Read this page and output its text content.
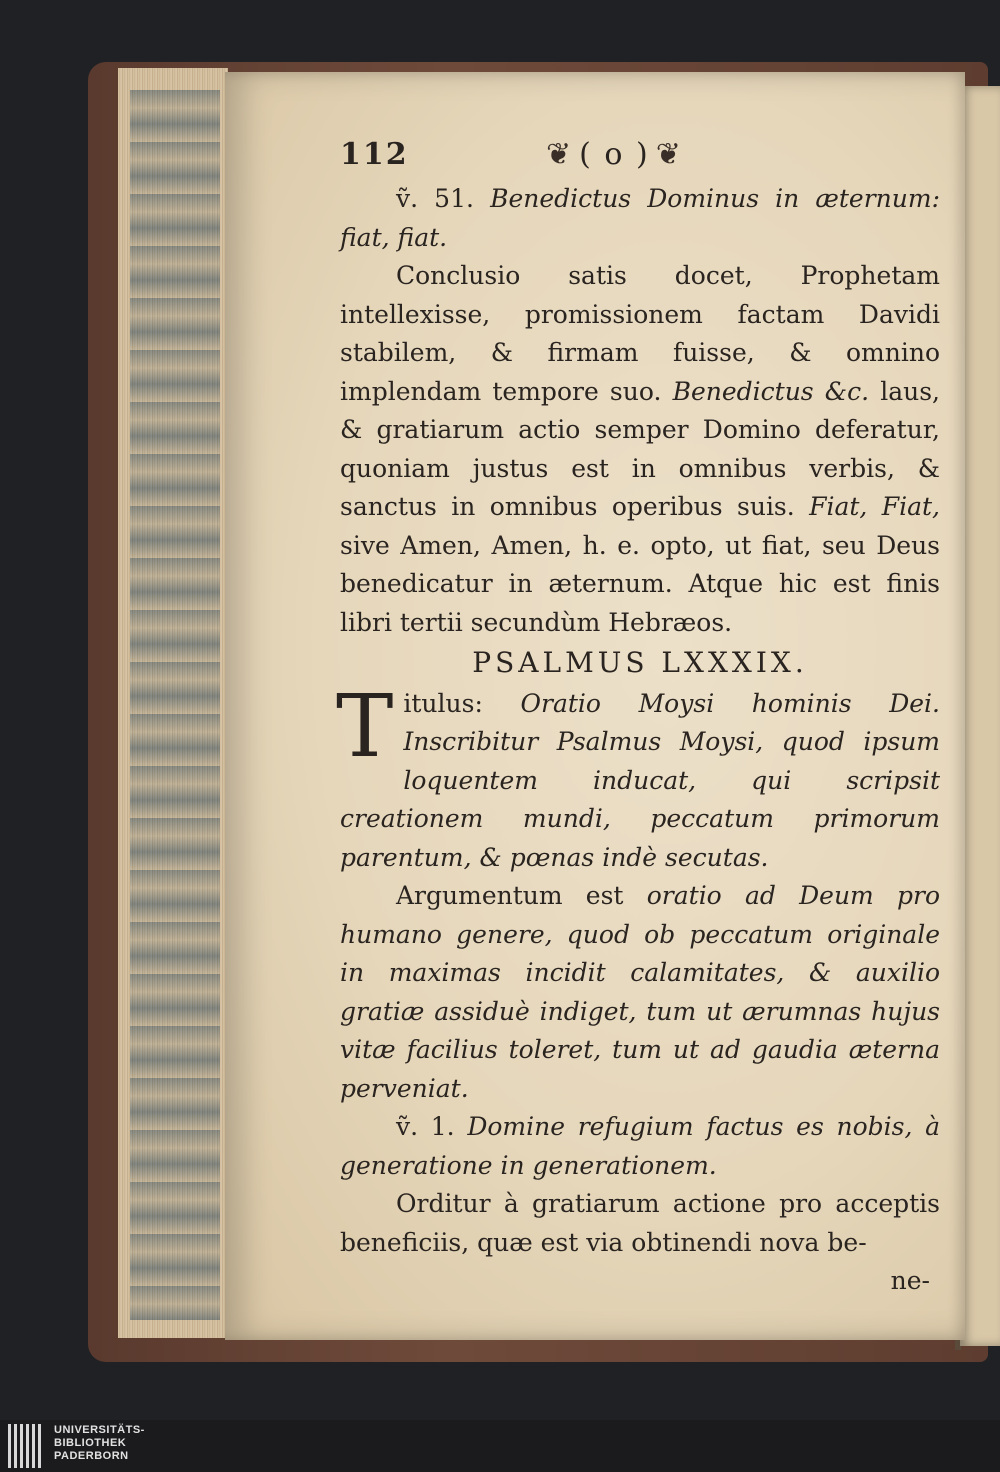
112	❦ ( o ) ❦

ṽ. 51. Benedictus Dominus in æternum: fiat, fiat.

Conclusio satis docet, Prophetam intellexisse, promissionem factam Davidi stabilem, & firmam fuisse, & omnino implendam tempore suo. Benedictus &c. laus, & gratiarum actio semper Domino deferatur, quoniam justus est in omnibus verbis, & sanctus in omnibus operibus suis. Fiat, Fiat, sive Amen, Amen, h. e. opto, ut fiat, seu Deus benedicatur in æternum. Atque hic est finis libri tertii secundùm Hebræos.

PSALMUS LXXXIX.
T itulus: Oratio Moysi hominis Dei. Inscribitur Psalmus Moysi, quod ipsum loquentem inducat, qui scripsit creationem mundi, peccatum primorum parentum, & pœnas indè secutas.

Argumentum est oratio ad Deum pro humano genere, quod ob peccatum originale in maximas incidit calamitates, & auxilio gratiæ assiduè indiget, tum ut ærumnas hujus vitæ facilius toleret, tum ut ad gaudia æterna perveniat.

ṽ. 1. Domine refugium factus es nobis, à generatione in generationem.

Orditur à gratiarum actione pro acceptis beneficiis, quæ est via obtinendi nova be-

ne-

UNIVERSITÄTS-
BIBLIOTHEK
PADERBORN
